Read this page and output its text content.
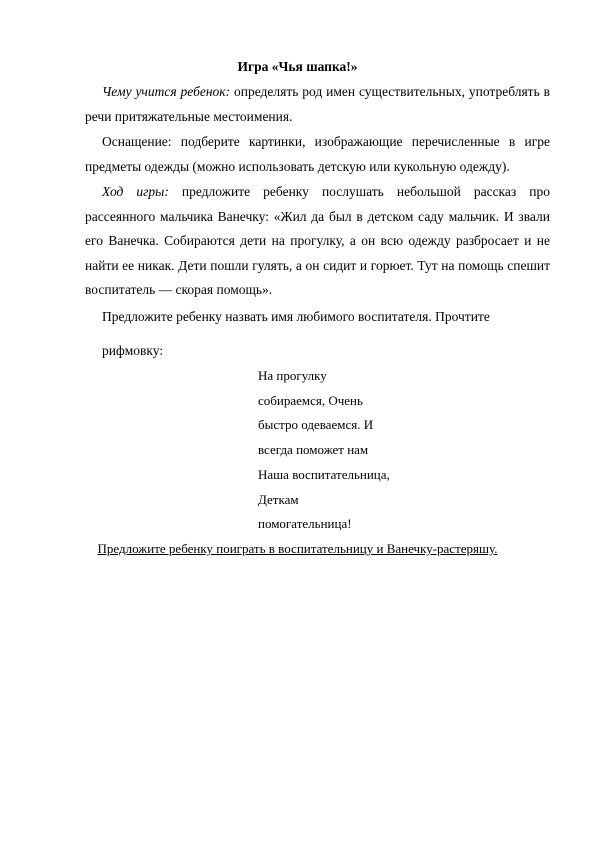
Игра «Чья шапка!»
Чему учится ребенок: определять род имен существительных, употреблять в речи притяжательные местоимения.
Оснащение: подберите картинки, изображающие перечисленные в игре предметы одежды (можно использовать детскую или кукольную одежду).
Ход игры: предложите ребенку послушать небольшой рассказ про рассеянного мальчика Ванечку: «Жил да был в детском саду мальчик. И звали его Ванечка. Собираются дети на прогулку, а он всю одежду разбросает и не найти ее никак. Дети пошли гулять, а он сидит и горюет. Тут на помощь спешит воспитатель — скорая помощь».
Предложите ребенку назвать имя любимого воспитателя. Прочтите
рифмовку:
На прогулку
собираемся, Очень
быстро одеваемся. И
всегда поможет нам
Наша воспитательница,
Деткам
помогательница!
Предложите ребенку поиграть в воспитательницу и Ванечку-растеряшу.
